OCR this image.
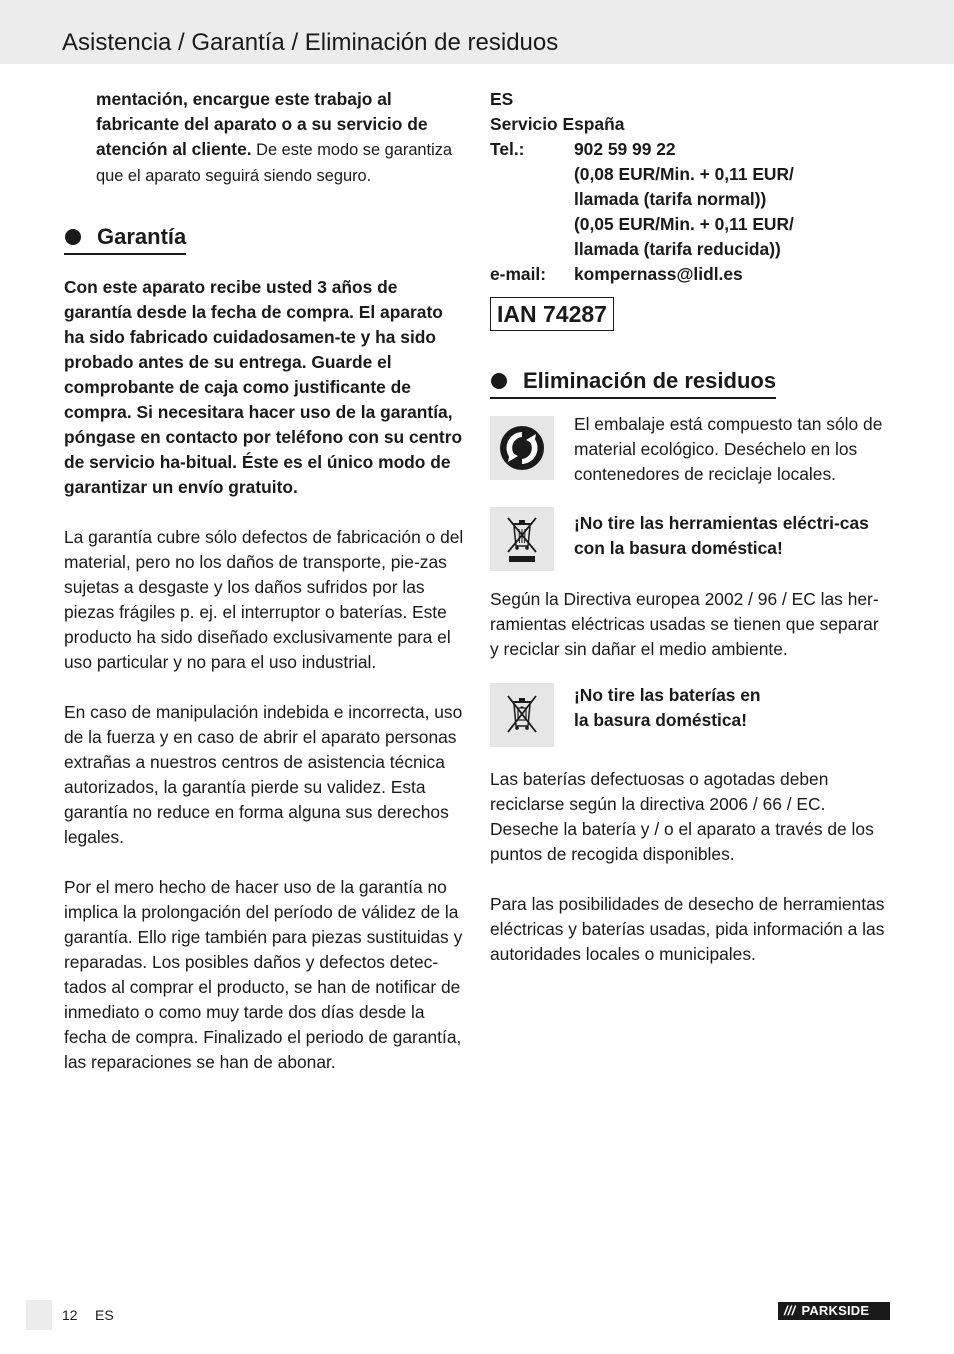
Asistencia / Garantía / Eliminación de residuos

mentación, encargue este trabajo al fabricante del aparato o a su servicio de atención al cliente. De este modo se garantiza que el aparato seguirá siendo seguro.

Garantía

Con este aparato recibe usted 3 años de garantía desde la fecha de compra. El aparato ha sido fabricado cuidadosamen-te y ha sido probado antes de su entrega. Guarde el comprobante de caja como justificante de compra. Si necesitara hacer uso de la garantía, póngase en contacto por teléfono con su centro de servicio ha-bitual. Éste es el único modo de garantizar un envío gratuito.

La garantía cubre sólo defectos de fabricación o del material, pero no los daños de transporte, pie-zas sujetas a desgaste y los daños sufridos por las piezas frágiles p. ej. el interruptor o baterías. Este producto ha sido diseñado exclusivamente para el uso particular y no para el uso industrial.

En caso de manipulación indebida e incorrecta, uso de la fuerza y en caso de abrir el aparato personas extrañas a nuestros centros de asistencia técnica autorizados, la garantía pierde su validez. Esta garantía no reduce en forma alguna sus derechos legales.

Por el mero hecho de hacer uso de la garantía no implica la prolongación del período de válidez de la garantía. Ello rige también para piezas sustituidas y reparadas. Los posibles daños y defectos detec-tados al comprar el producto, se han de notificar de inmediato o como muy tarde dos días desde la fecha de compra. Finalizado el periodo de garantía, las reparaciones se han de abonar.

ES
Servicio España
Tel.:	902 59 99 22
(0,08 EUR/Min. + 0,11 EUR/ llamada (tarifa normal))
(0,05 EUR/Min. + 0,11 EUR/ llamada (tarifa reducida))
e-mail:	kompernass@lidl.es
IAN 74287
Eliminación de residuos

El embalaje está compuesto tan sólo de material ecológico. Deséchelo en los contenedores de reciclaje locales.

¡No tire las herramientas eléctri-cas con la basura doméstica!

Según la Directiva europea 2002 / 96 / EC las her-ramientas eléctricas usadas se tienen que separar y reciclar sin dañar el medio ambiente.

¡No tire las baterías en
la basura doméstica!

Las baterías defectuosas o agotadas deben reciclarse según la directiva 2006 / 66 / EC.

Deseche la batería y / o el aparato a través de los puntos de recogida disponibles.

Para las posibilidades de desecho de herramientas eléctricas y baterías usadas, pida información a las autoridades locales o municipales.

12 ES	/// PARKSIDE
